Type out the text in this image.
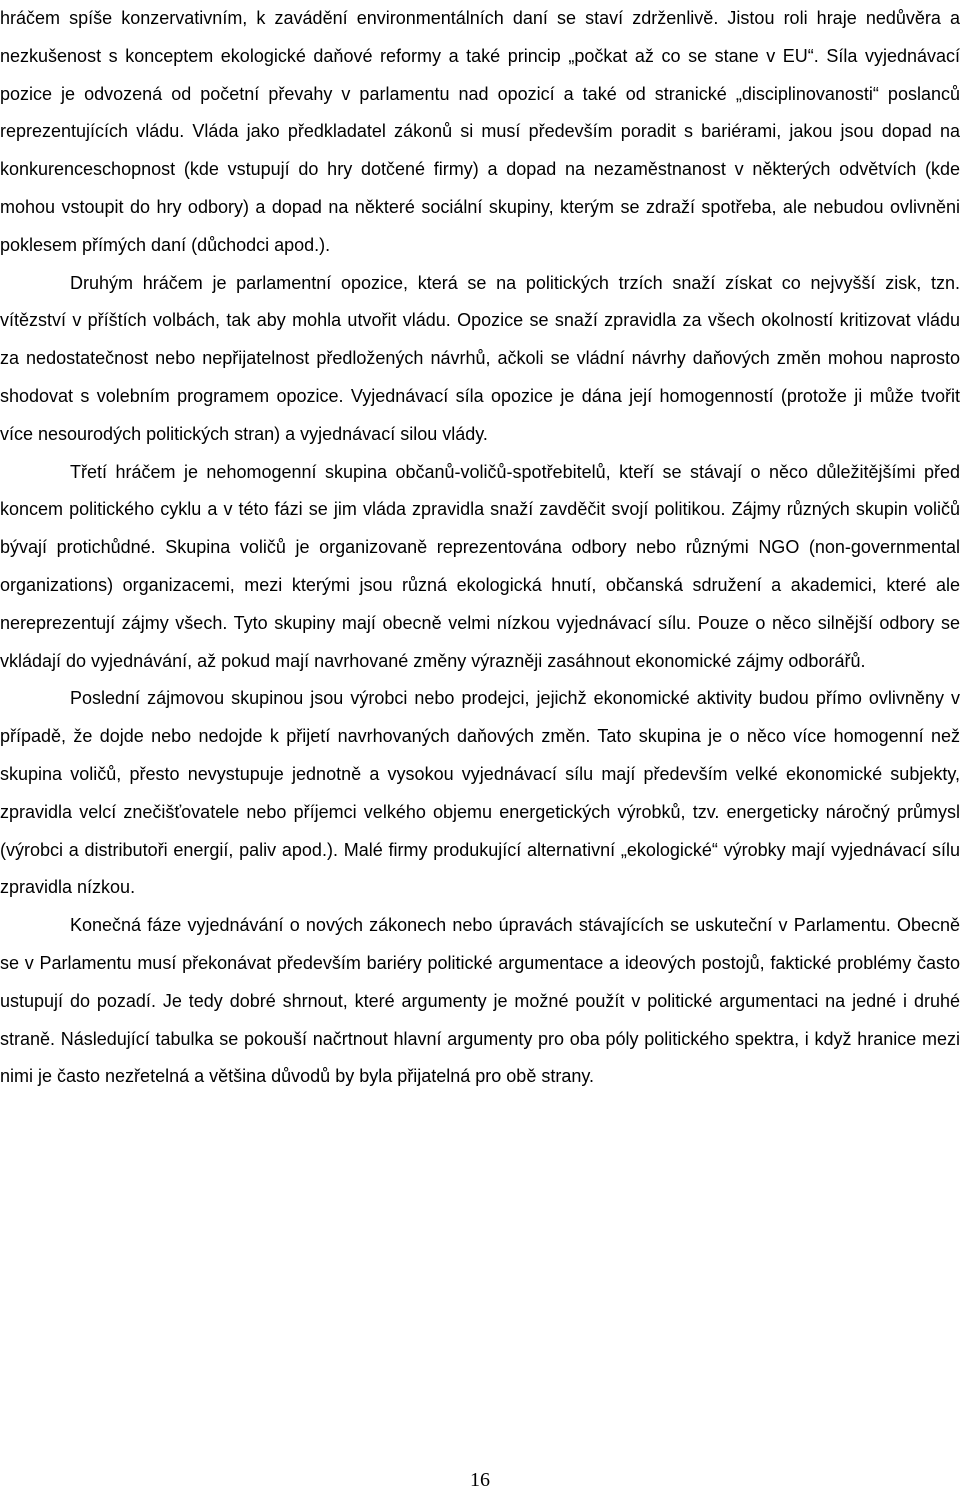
hráčem spíše konzervativním, k zavádění environmentálních daní se staví zdrženlivě. Jistou roli hraje nedůvěra a nezkušenost s konceptem ekologické daňové reformy a také princip „počkat až co se stane v EU“. Síla vyjednávací pozice je odvozená od početní převahy v parlamentu nad opozicí a také od stranické „disciplinovanosti“ poslanců reprezentujících vládu. Vláda jako předkladatel zákonů si musí především poradit s bariérami, jakou jsou dopad na konkurenceschopnost (kde vstupují do hry dotčené firmy) a dopad na nezaměstnanost v některých odvětvích (kde mohou vstoupit do hry odbory) a dopad na některé sociální skupiny, kterým se zdraží spotřeba, ale nebudou ovlivněni poklesem přímých daní (důchodci apod.).

Druhým hráčem je parlamentní opozice, která se na politických trzích snaží získat co nejvyšší zisk, tzn. vítězství v příštích volbách, tak aby mohla utvořit vládu. Opozice se snaží zpravidla za všech okolností kritizovat vládu za nedostatečnost nebo nepřijatelnost předložených návrhů, ačkoli se vládní návrhy daňových změn mohou naprosto shodovat s volebním programem opozice. Vyjednávací síla opozice je dána její homogenností (protože ji může tvořit více nesourodých politických stran) a vyjednávací silou vlády.

Třetí hráčem je nehomogenní skupina občanů-voličů-spotřebitelů, kteří se stávají o něco důležitějšími před koncem politického cyklu a v této fázi se jim vláda zpravidla snaží zavděčit svojí politikou. Zájmy různých skupin voličů bývají protichůdné. Skupina voličů je organizovaně reprezentována odbory nebo různými NGO (non-governmental organizations) organizacemi, mezi kterými jsou různá ekologická hnutí, občanská sdružení a akademici, které ale nereprezentují zájmy všech. Tyto skupiny mají obecně velmi nízkou vyjednávací sílu. Pouze o něco silnější odbory se vkládají do vyjednávání, až pokud mají navrhované změny výrazněji zasáhnout ekonomické zájmy odborářů.

Poslední zájmovou skupinou jsou výrobci nebo prodejci, jejichž ekonomické aktivity budou přímo ovlivněny v případě, že dojde nebo nedojde k přijetí navrhovaných daňových změn. Tato skupina je o něco více homogenní než skupina voličů, přesto nevystupuje jednotně a vysokou vyjednávací sílu mají především velké ekonomické subjekty, zpravidla velcí znečišťovatele nebo příjemci velkého objemu energetických výrobků, tzv. energeticky náročný průmysl (výrobci a distributoři energií, paliv apod.). Malé firmy produkující alternativní „ekologické“ výrobky mají vyjednávací sílu zpravidla nízkou.

Konečná fáze vyjednávání o nových zákonech nebo úpravách stávajících se uskuteční v Parlamentu. Obecně se v Parlamentu musí překonávat především bariéry politické argumentace a ideových postojů, faktické problémy často ustupují do pozadí. Je tedy dobré shrnout, které argumenty je možné použít v politické argumentaci na jedné i druhé straně. Následující tabulka se pokouší načrtnout hlavní argumenty pro oba póly politického spektra, i když hranice mezi nimi je často nezřetelná a většina důvodů by byla přijatelná pro obě strany.

16
